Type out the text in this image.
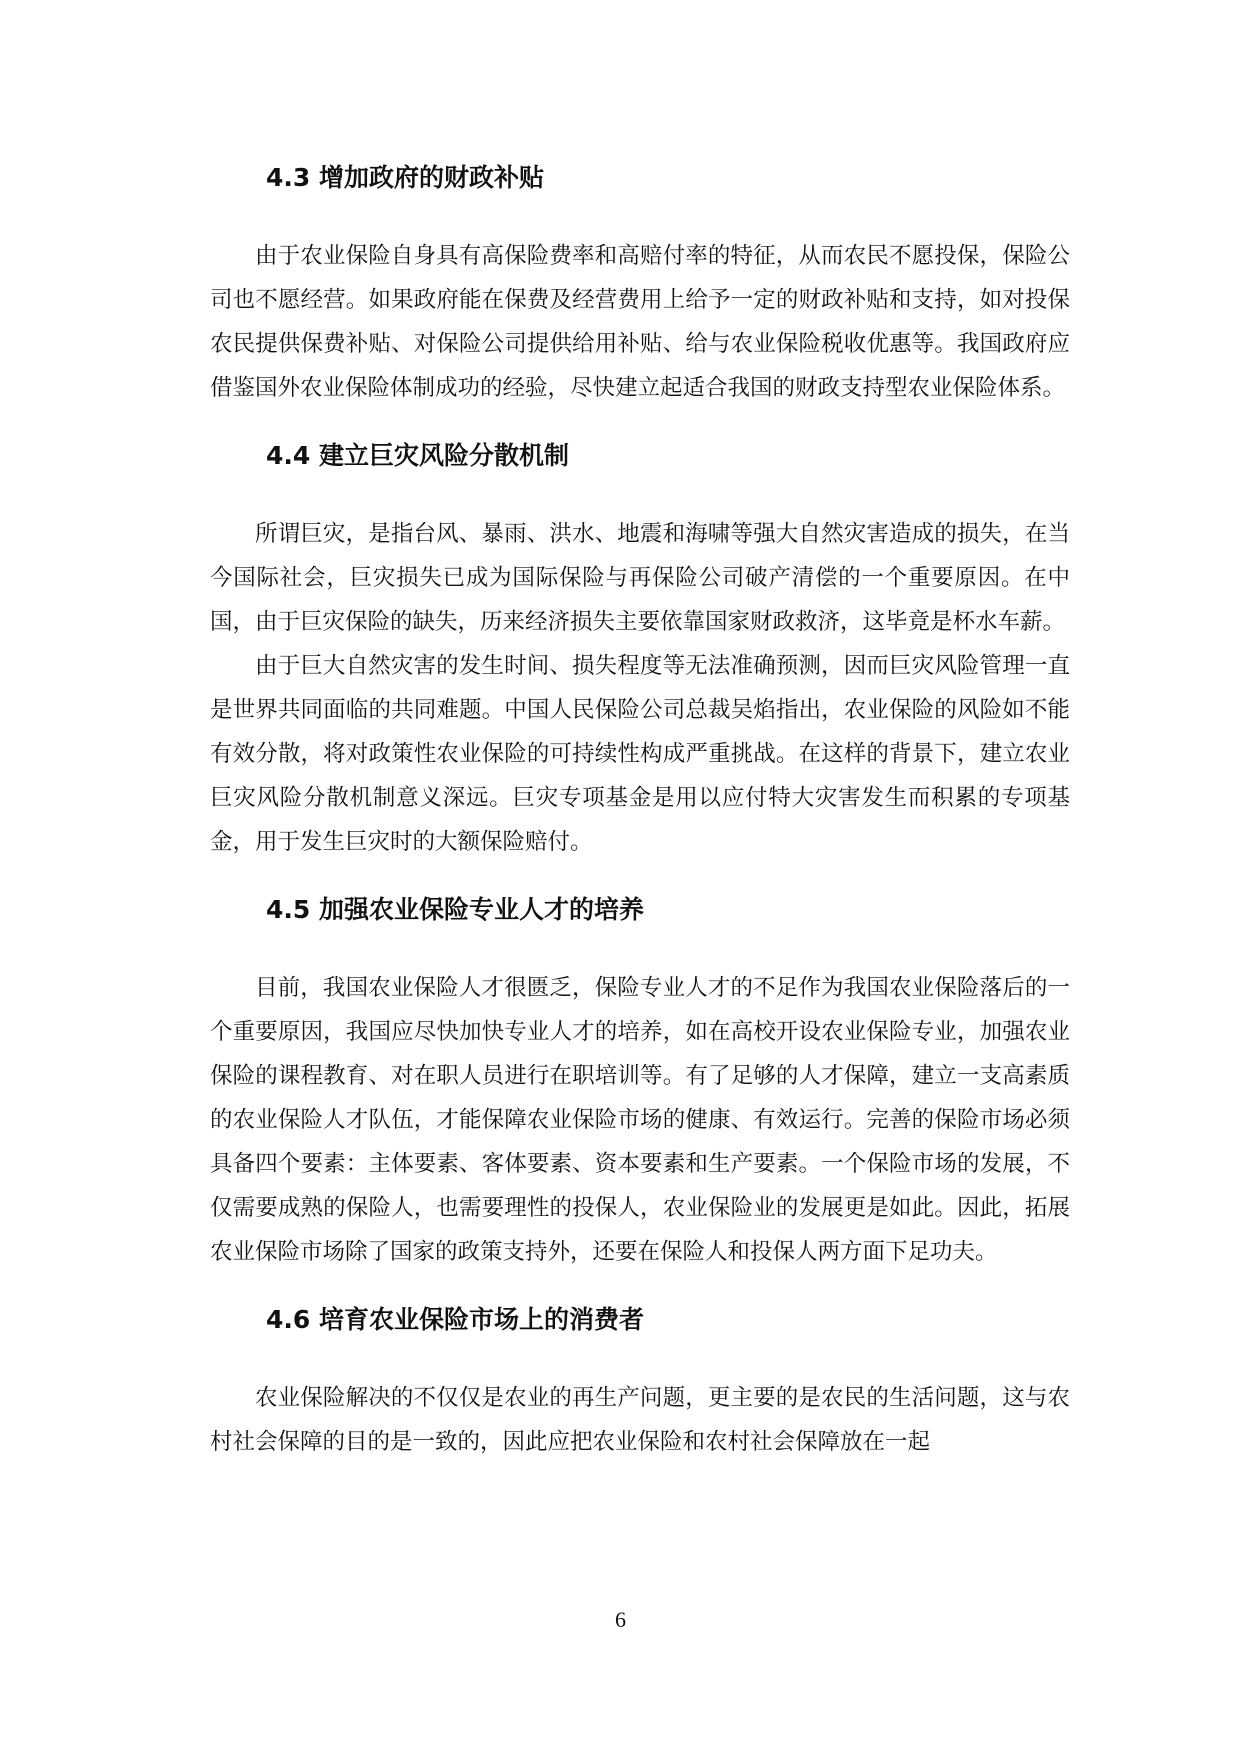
4.3 增加政府的财政补贴

由于农业保险自身具有高保险费率和高赔付率的特征，从而农民不愿投保，保险公司也不愿经营。如果政府能在保费及经营费用上给予一定的财政补贴和支持，如对投保农民提供保费补贴、对保险公司提供给用补贴、给与农业保险税收优惠等。我国政府应借鉴国外农业保险体制成功的经验，尽快建立起适合我国的财政支持型农业保险体系。

4.4 建立巨灾风险分散机制

所谓巨灾，是指台风、暴雨、洪水、地震和海啸等强大自然灾害造成的损失，在当今国际社会，巨灾损失已成为国际保险与再保险公司破产清偿的一个重要原因。在中国，由于巨灾保险的缺失，历来经济损失主要依靠国家财政救济，这毕竟是杯水车薪。

由于巨大自然灾害的发生时间、损失程度等无法准确预测，因而巨灾风险管理一直是世界共同面临的共同难题。中国人民保险公司总裁吴焰指出，农业保险的风险如不能有效分散，将对政策性农业保险的可持续性构成严重挑战。在这样的背景下，建立农业巨灾风险分散机制意义深远。巨灾专项基金是用以应付特大灾害发生而积累的专项基金，用于发生巨灾时的大额保险赔付。

4.5 加强农业保险专业人才的培养

目前，我国农业保险人才很匮乏，保险专业人才的不足作为我国农业保险落后的一个重要原因，我国应尽快加快专业人才的培养，如在高校开设农业保险专业，加强农业保险的课程教育、对在职人员进行在职培训等。有了足够的人才保障，建立一支高素质的农业保险人才队伍，才能保障农业保险市场的健康、有效运行。完善的保险市场必须具备四个要素：主体要素、客体要素、资本要素和生产要素。一个保险市场的发展，不仅需要成熟的保险人，也需要理性的投保人，农业保险业的发展更是如此。因此，拓展农业保险市场除了国家的政策支持外，还要在保险人和投保人两方面下足功夫。

4.6 培育农业保险市场上的消费者

农业保险解决的不仅仅是农业的再生产问题，更主要的是农民的生活问题，这与农村社会保障的目的是一致的，因此应把农业保险和农村社会保障放在一起

6
